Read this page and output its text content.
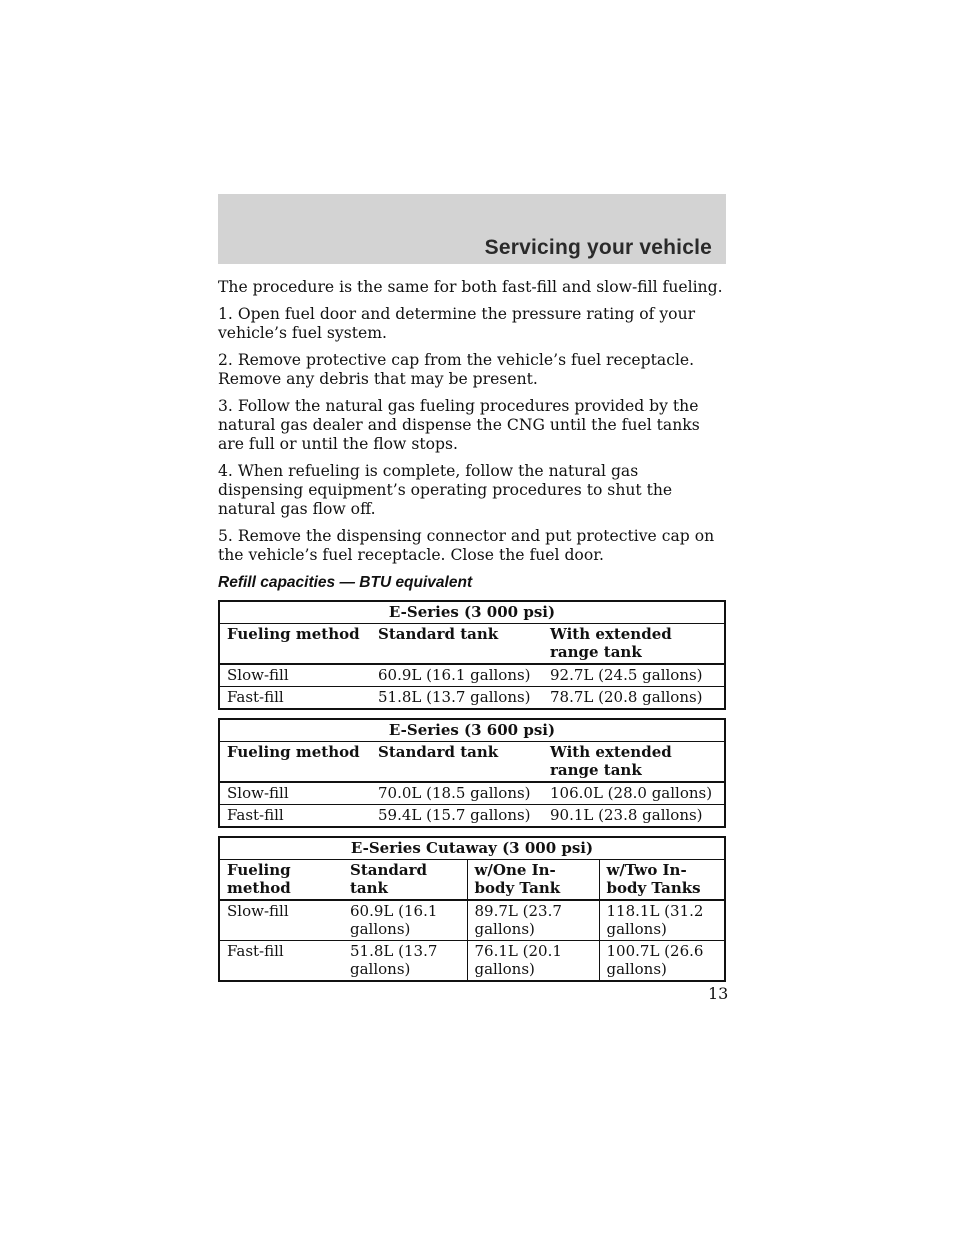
Servicing your vehicle

The procedure is the same for both fast-fill and slow-fill fueling.

1. Open fuel door and determine the pressure rating of your vehicle’s fuel system.

2. Remove protective cap from the vehicle’s fuel receptacle. Remove any debris that may be present.

3. Follow the natural gas fueling procedures provided by the natural gas dealer and dispense the CNG until the fuel tanks are full or until the flow stops.

4. When refueling is complete, follow the natural gas dispensing equipment’s operating procedures to shut the natural gas flow off.

5. Remove the dispensing connector and put protective cap on the vehicle’s fuel receptacle. Close the fuel door.

Refill capacities — BTU equivalent
E-Series (3 000 psi)		
Fueling method	Standard tank	With extended range tank
Slow-fill	60.9L (16.1 gallons)	92.7L (24.5 gallons)
Fast-fill	51.8L (13.7 gallons)	78.7L (20.8 gallons)
E-Series (3 600 psi)		
Fueling method	Standard tank	With extended range tank
Slow-fill	70.0L (18.5 gallons)	106.0L (28.0 gallons)
Fast-fill	59.4L (15.7 gallons)	90.1L (23.8 gallons)
E-Series Cutaway (3 000 psi)			
Fueling method	Standard tank	w/One In-body Tank	w/Two In-body Tanks
Slow-fill	60.9L (16.1 gallons)	89.7L (23.7 gallons)	118.1L (31.2 gallons)
Fast-fill	51.8L (13.7 gallons)	76.1L (20.1 gallons)	100.7L (26.6 gallons)
13
